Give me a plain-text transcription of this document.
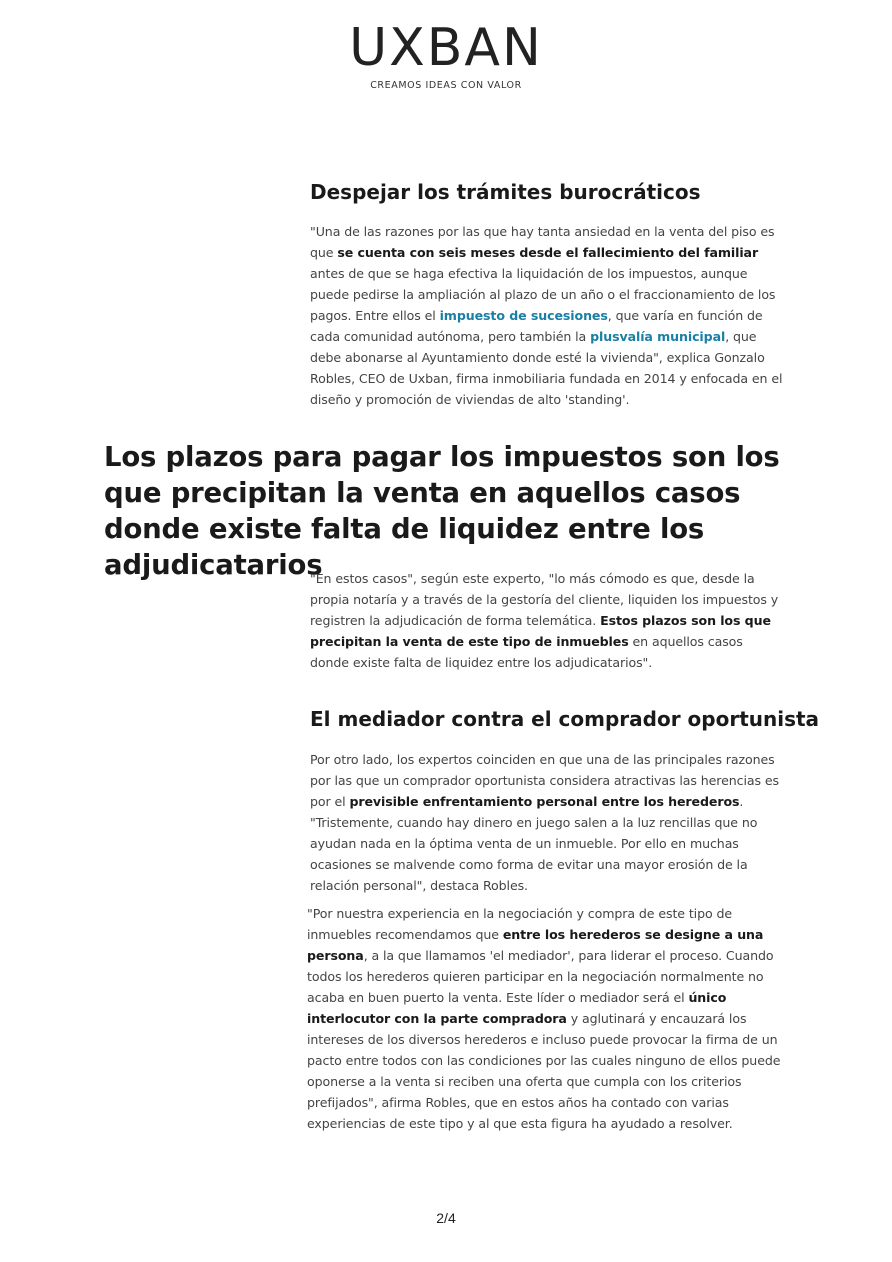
UXBAN
CREAMOS IDEAS CON VALOR
Despejar los trámites burocráticos

"Una de las razones por las que hay tanta ansiedad en la venta del piso es que se cuenta con seis meses desde el fallecimiento del familiar antes de que se haga efectiva la liquidación de los impuestos, aunque puede pedirse la ampliación al plazo de un año o el fraccionamiento de los pagos. Entre ellos el impuesto de sucesiones, que varía en función de cada comunidad autónoma, pero también la plusvalía municipal, que debe abonarse al Ayuntamiento donde esté la vivienda", explica Gonzalo Robles, CEO de Uxban, firma inmobiliaria fundada en 2014 y enfocada en el diseño y promoción de viviendas de alto 'standing'.

Los plazos para pagar los impuestos son los que precipitan la venta en aquellos casos donde existe falta de liquidez entre los adjudicatarios

"En estos casos", según este experto, "lo más cómodo es que, desde la propia notaría y a través de la gestoría del cliente, liquiden los impuestos y registren la adjudicación de forma telemática. Estos plazos son los que precipitan la venta de este tipo de inmuebles en aquellos casos donde existe falta de liquidez entre los adjudicatarios".

El mediador contra el comprador oportunista

Por otro lado, los expertos coinciden en que una de las principales razones por las que un comprador oportunista considera atractivas las herencias es por el previsible enfrentamiento personal entre los herederos. "Tristemente, cuando hay dinero en juego salen a la luz rencillas que no ayudan nada en la óptima venta de un inmueble. Por ello en muchas ocasiones se malvende como forma de evitar una mayor erosión de la relación personal", destaca Robles.

"Por nuestra experiencia en la negociación y compra de este tipo de inmuebles recomendamos que entre los herederos se designe a una persona, a la que llamamos 'el mediador', para liderar el proceso. Cuando todos los herederos quieren participar en la negociación normalmente no acaba en buen puerto la venta. Este líder o mediador será el único interlocutor con la parte compradora y aglutinará y encauzará los intereses de los diversos herederos e incluso puede provocar la firma de un pacto entre todos con las condiciones por las cuales ninguno de ellos puede oponerse a la venta si reciben una oferta que cumpla con los criterios prefijados", afirma Robles, que en estos años ha contado con varias experiencias de este tipo y al que esta figura ha ayudado a resolver.

2/4
